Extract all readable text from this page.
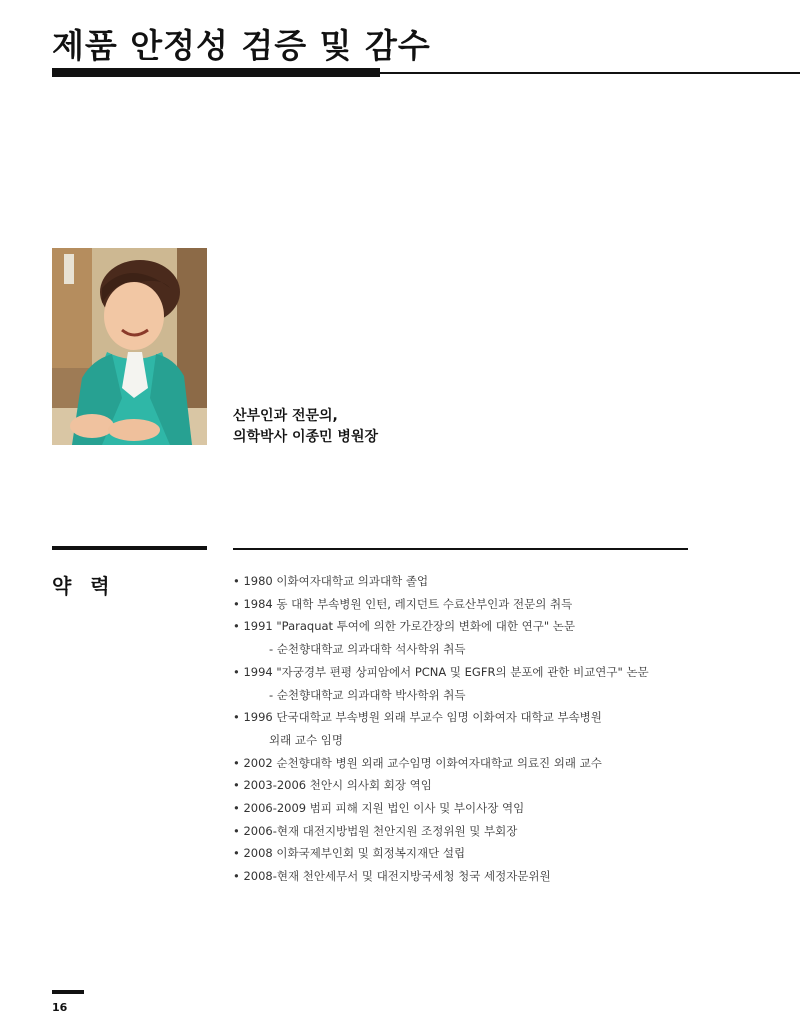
제품 안정성 검증 및 감수
산부인과 전문의,
의학박사 이종민 병원장
약 력	• 1980 이화여자대학교 의과대학 졸업
• 1984 동 대학 부속병원 인턴, 레지던트 수료산부인과 전문의 취득
• 1991 "Paraquat 투여에 의한 가로간장의 변화에 대한 연구" 논문
- 순천향대학교 의과대학 석사학위 취득
• 1994 "자궁경부 편평 상피암에서 PCNA 및 EGFR의 분포에 관한 비교연구" 논문
- 순천향대학교 의과대학 박사학위 취득
• 1996 단국대학교 부속병원 외래 부교수 임명 이화여자 대학교 부속병원
외래 교수 임명
• 2002 순천향대학 병원 외래 교수임명 이화여자대학교 의료진 외래 교수
• 2003-2006 천안시 의사회 회장 역임
• 2006-2009 범피 피해 지원 법인 이사 및 부이사장 역임
• 2006-현재 대전지방법원 천안지원 조정위원 및 부회장
• 2008 이화국제부인회 및 희정복지재단 설립
• 2008-현재 천안세무서 및 대전지방국세청 청국 세정자문위원
16
